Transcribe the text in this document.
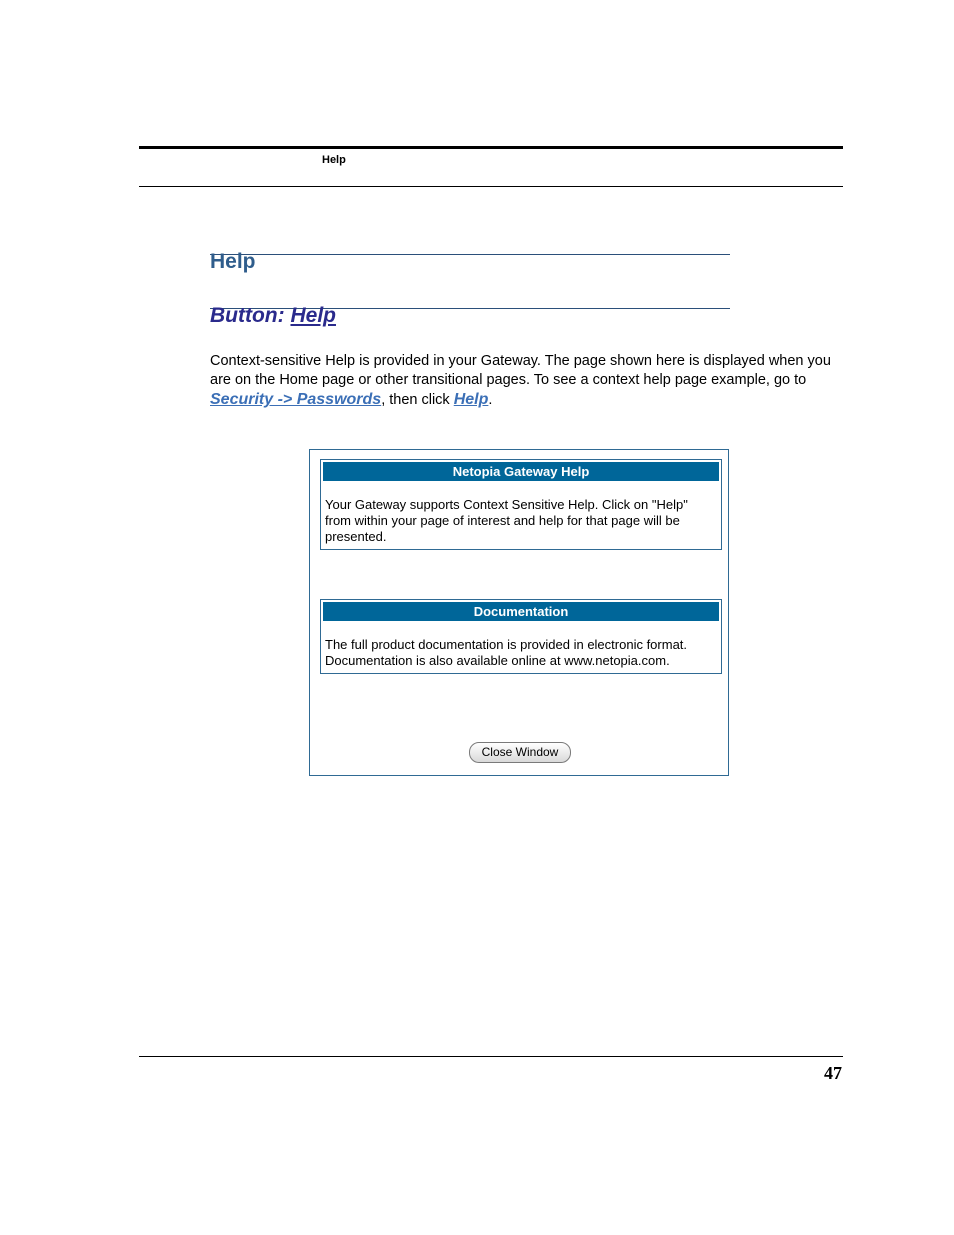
Help
Help
Button: Help

Context-sensitive Help is provided in your Gateway. The page shown here is displayed when you are on the Home page or other transitional pages. To see a context help page example, go to Security -> Passwords, then click Help.

Netopia Gateway Help
Your Gateway supports Context Sensitive Help. Click on "Help" from within your page of interest and help for that page will be presented.
Documentation
The full product documentation is provided in electronic format. Documentation is also available online at www.netopia.com.
Close Window
47
